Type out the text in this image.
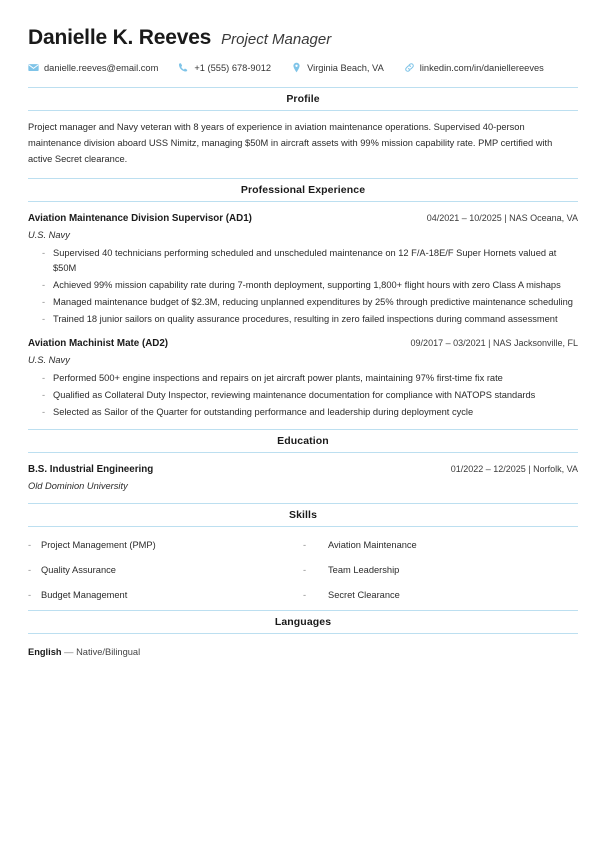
Danielle K. Reeves Project Manager
danielle.reeves@email.com	+1 (555) 678-9012	Virginia Beach, VA	linkedin.com/in/daniellereeves
Profile

Project manager and Navy veteran with 8 years of experience in aviation maintenance operations. Supervised 40-person maintenance division aboard USS Nimitz, managing $50M in aircraft assets with 99% mission capability rate. PMP certified with active Secret clearance.

Professional Experience
Aviation Maintenance Division Supervisor (AD1)	04/2021 – 10/2025 | NAS Oceana, VA
U.S. Navy
- Supervised 40 technicians performing scheduled and unscheduled maintenance on 12 F/A-18E/F Super Hornets valued at $50M
- Achieved 99% mission capability rate during 7-month deployment, supporting 1,800+ flight hours with zero Class A mishaps
- Managed maintenance budget of $2.3M, reducing unplanned expenditures by 25% through predictive maintenance scheduling
- Trained 18 junior sailors on quality assurance procedures, resulting in zero failed inspections during command assessment
Aviation Machinist Mate (AD2)	09/2017 – 03/2021 | NAS Jacksonville, FL
U.S. Navy
- Performed 500+ engine inspections and repairs on jet aircraft power plants, maintaining 97% first-time fix rate
- Qualified as Collateral Duty Inspector, reviewing maintenance documentation for compliance with NATOPS standards
- Selected as Sailor of the Quarter for outstanding performance and leadership during deployment cycle
Education
B.S. Industrial Engineering	01/2022 – 12/2025 | Norfolk, VA
Old Dominion University
Skills
- Project Management (PMP)	- Aviation Maintenance
- Quality Assurance	- Team Leadership
- Budget Management	- Secret Clearance
Languages
English — Native/Bilingual
